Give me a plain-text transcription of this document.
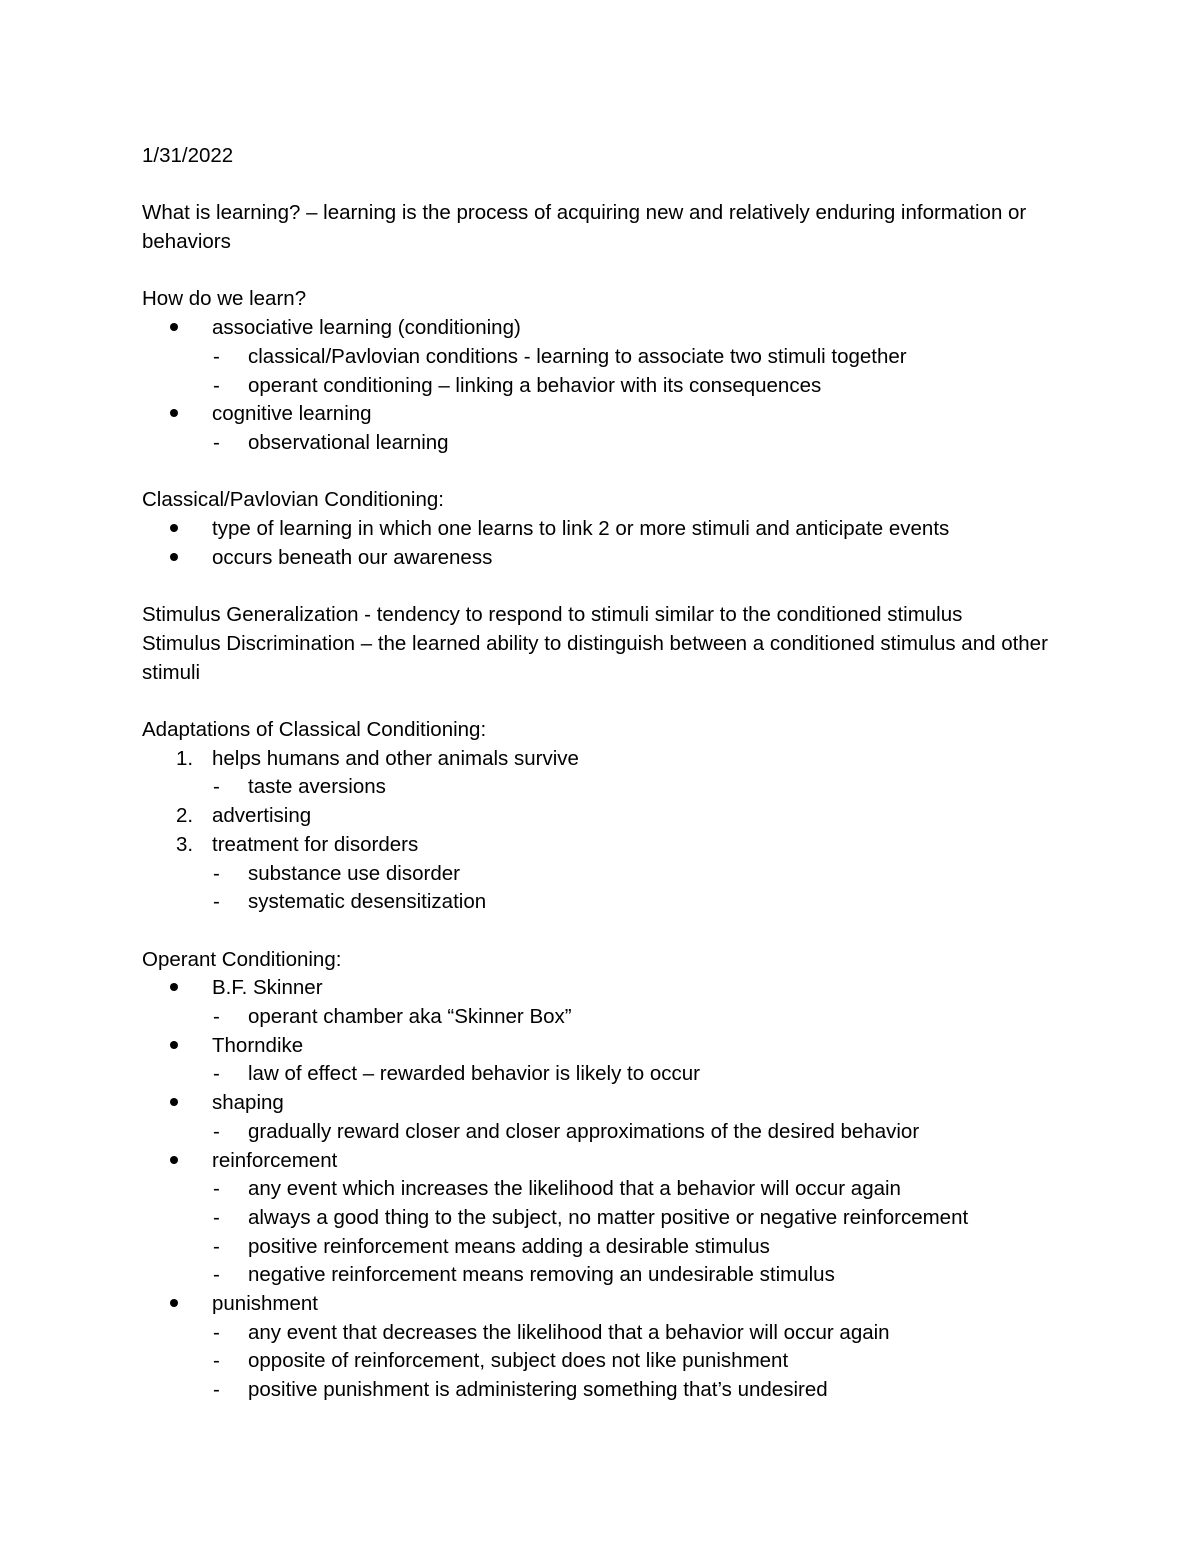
1/31/2022
What is learning? – learning is the process of acquiring new and relatively enduring information or behaviors
How do we learn?
associative learning (conditioning)
- classical/Pavlovian conditions - learning to associate two stimuli together
- operant conditioning – linking a behavior with its consequences
cognitive learning
- observational learning
Classical/Pavlovian Conditioning:
type of learning in which one learns to link 2 or more stimuli and anticipate events
occurs beneath our awareness
Stimulus Generalization - tendency to respond to stimuli similar to the conditioned stimulus
Stimulus Discrimination – the learned ability to distinguish between a conditioned stimulus and other stimuli
Adaptations of Classical Conditioning:
1. helps humans and other animals survive
- taste aversions
2. advertising
3. treatment for disorders
- substance use disorder
- systematic desensitization
Operant Conditioning:
B.F. Skinner
- operant chamber aka “Skinner Box”
Thorndike
- law of effect – rewarded behavior is likely to occur
shaping
- gradually reward closer and closer approximations of the desired behavior
reinforcement
- any event which increases the likelihood that a behavior will occur again
- always a good thing to the subject, no matter positive or negative reinforcement
- positive reinforcement means adding a desirable stimulus
- negative reinforcement means removing an undesirable stimulus
punishment
- any event that decreases the likelihood that a behavior will occur again
- opposite of reinforcement, subject does not like punishment
- positive punishment is administering something that’s undesired
